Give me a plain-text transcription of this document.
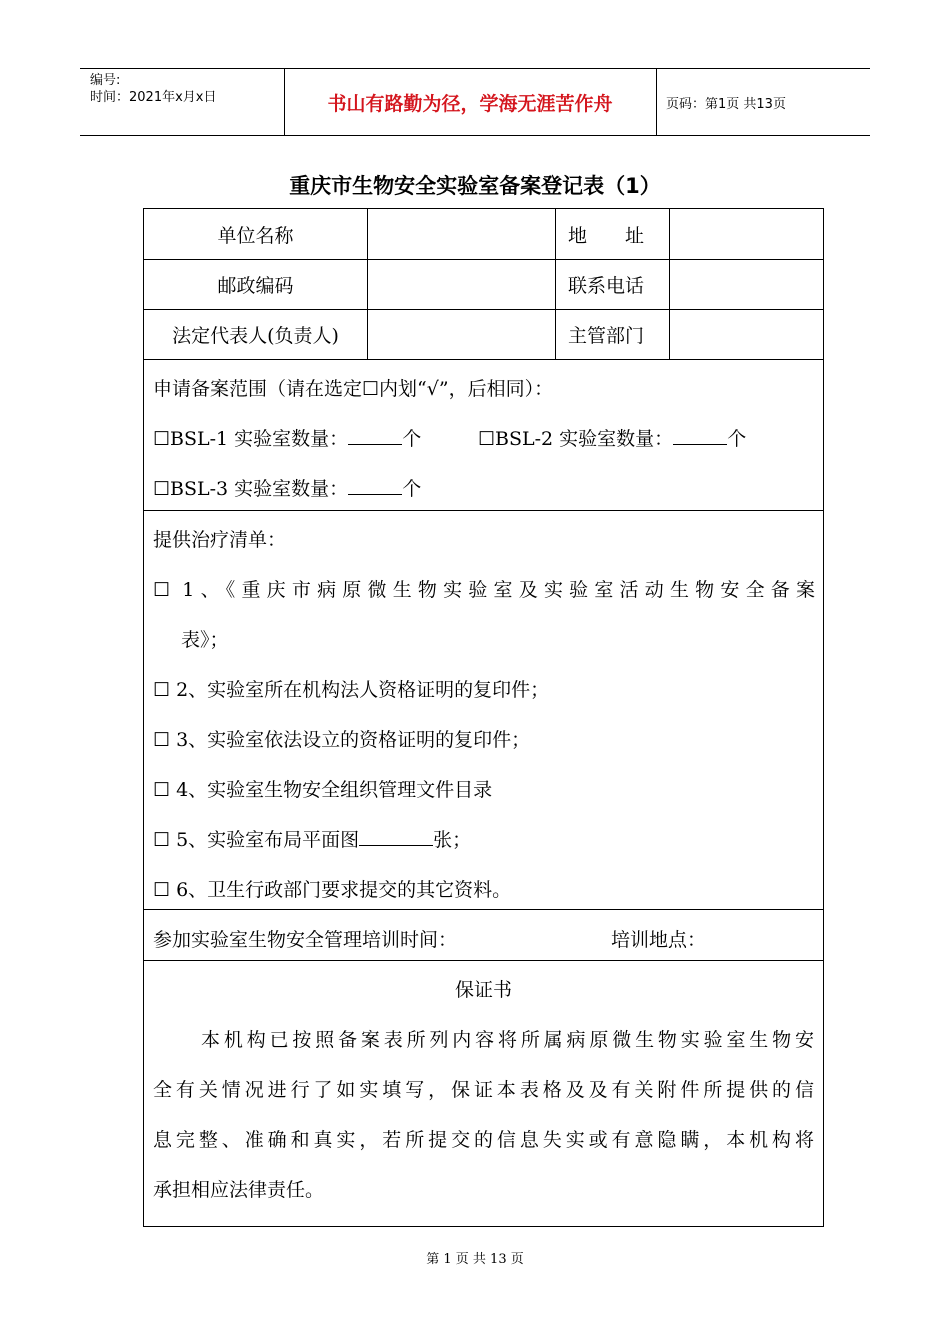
编号:
时间：2021年x月x日	书山有路勤为径，学海无涯苦作舟	页码：第1页 共13页
重庆市生物安全实验室备案登记表（1）
单位名称	地　　址
邮政编码	联系电话
法定代表人(负责人)	主管部门
申请备案范围（请在选定☐内划“√”，后相同）：
☐BSL-1 实验室数量：	个	☐BSL-2 实验室数量：	个
☐BSL-3 实验室数量：	个
提供治疗清单：
☐ 1、《重庆市病原微生物实验室及实验室活动生物安全备案
表》；
☐ 2、实验室所在机构法人资格证明的复印件；
☐ 3、实验室依法设立的资格证明的复印件；
☐ 4、实验室生物安全组织管理文件目录
☐ 5、实验室布局平面图	张；
☐ 6、卫生行政部门要求提交的其它资料。
参加实验室生物安全管理培训时间：	培训地点：
保证书
本机构已按照备案表所列内容将所属病原微生物实验室生物安
全有关情况进行了如实填写，保证本表格及及有关附件所提供的信
息完整、准确和真实，若所提交的信息失实或有意隐瞒，本机构将
承担相应法律责任。
第 1 页 共 13 页
